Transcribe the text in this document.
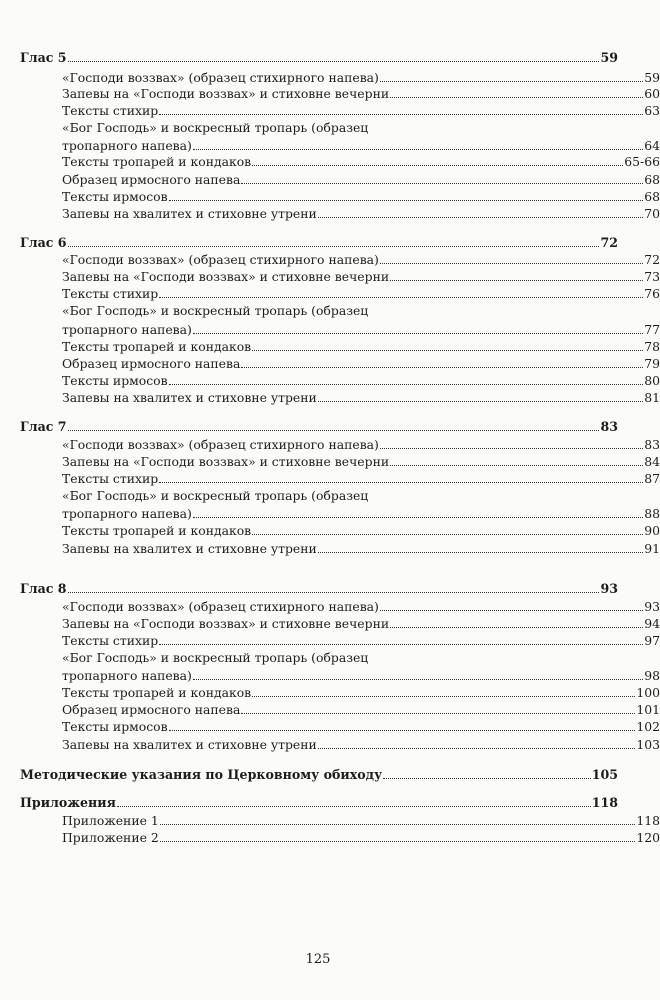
Глас 5	59
«Господи воззвах» (образец стихирного напева)	59
Запевы на «Господи воззвах» и стиховне вечерни	60
Тексты стихир	63
«Бог Господь» и воскресный тропарь (образец
тропарного напева)	64
Тексты тропарей и кондаков	65-66
Образец ирмосного напева	68
Тексты ирмосов	68
Запевы на хвалитех и стиховне утрени	70
Глас 6	72
«Господи воззвах» (образец стихирного напева)	72
Запевы на «Господи воззвах» и стиховне вечерни	73
Тексты стихир	76
«Бог Господь» и воскресный тропарь (образец
тропарного напева)	77
Тексты тропарей и кондаков	78
Образец ирмосного напева	79
Тексты ирмосов	80
Запевы на хвалитех и стиховне утрени	81
Глас 7	83
«Господи воззвах» (образец стихирного напева)	83
Запевы на «Господи воззвах» и стиховне вечерни	84
Тексты стихир	87
«Бог Господь» и воскресный тропарь (образец
тропарного напева)	88
Тексты тропарей и кондаков	90
Запевы на хвалитех и стиховне утрени	91
Глас 8	93
«Господи воззвах» (образец стихирного напева)	93
Запевы на «Господи воззвах» и стиховне вечерни	94
Тексты стихир	97
«Бог Господь» и воскресный тропарь (образец
тропарного напева)	98
Тексты тропарей и кондаков	100
Образец ирмосного напева	101
Тексты ирмосов	102
Запевы на хвалитех и стиховне утрени	103
Методические указания по Церковному обиходу	105
Приложения	118
Приложение 1	118
Приложение 2	120
125
